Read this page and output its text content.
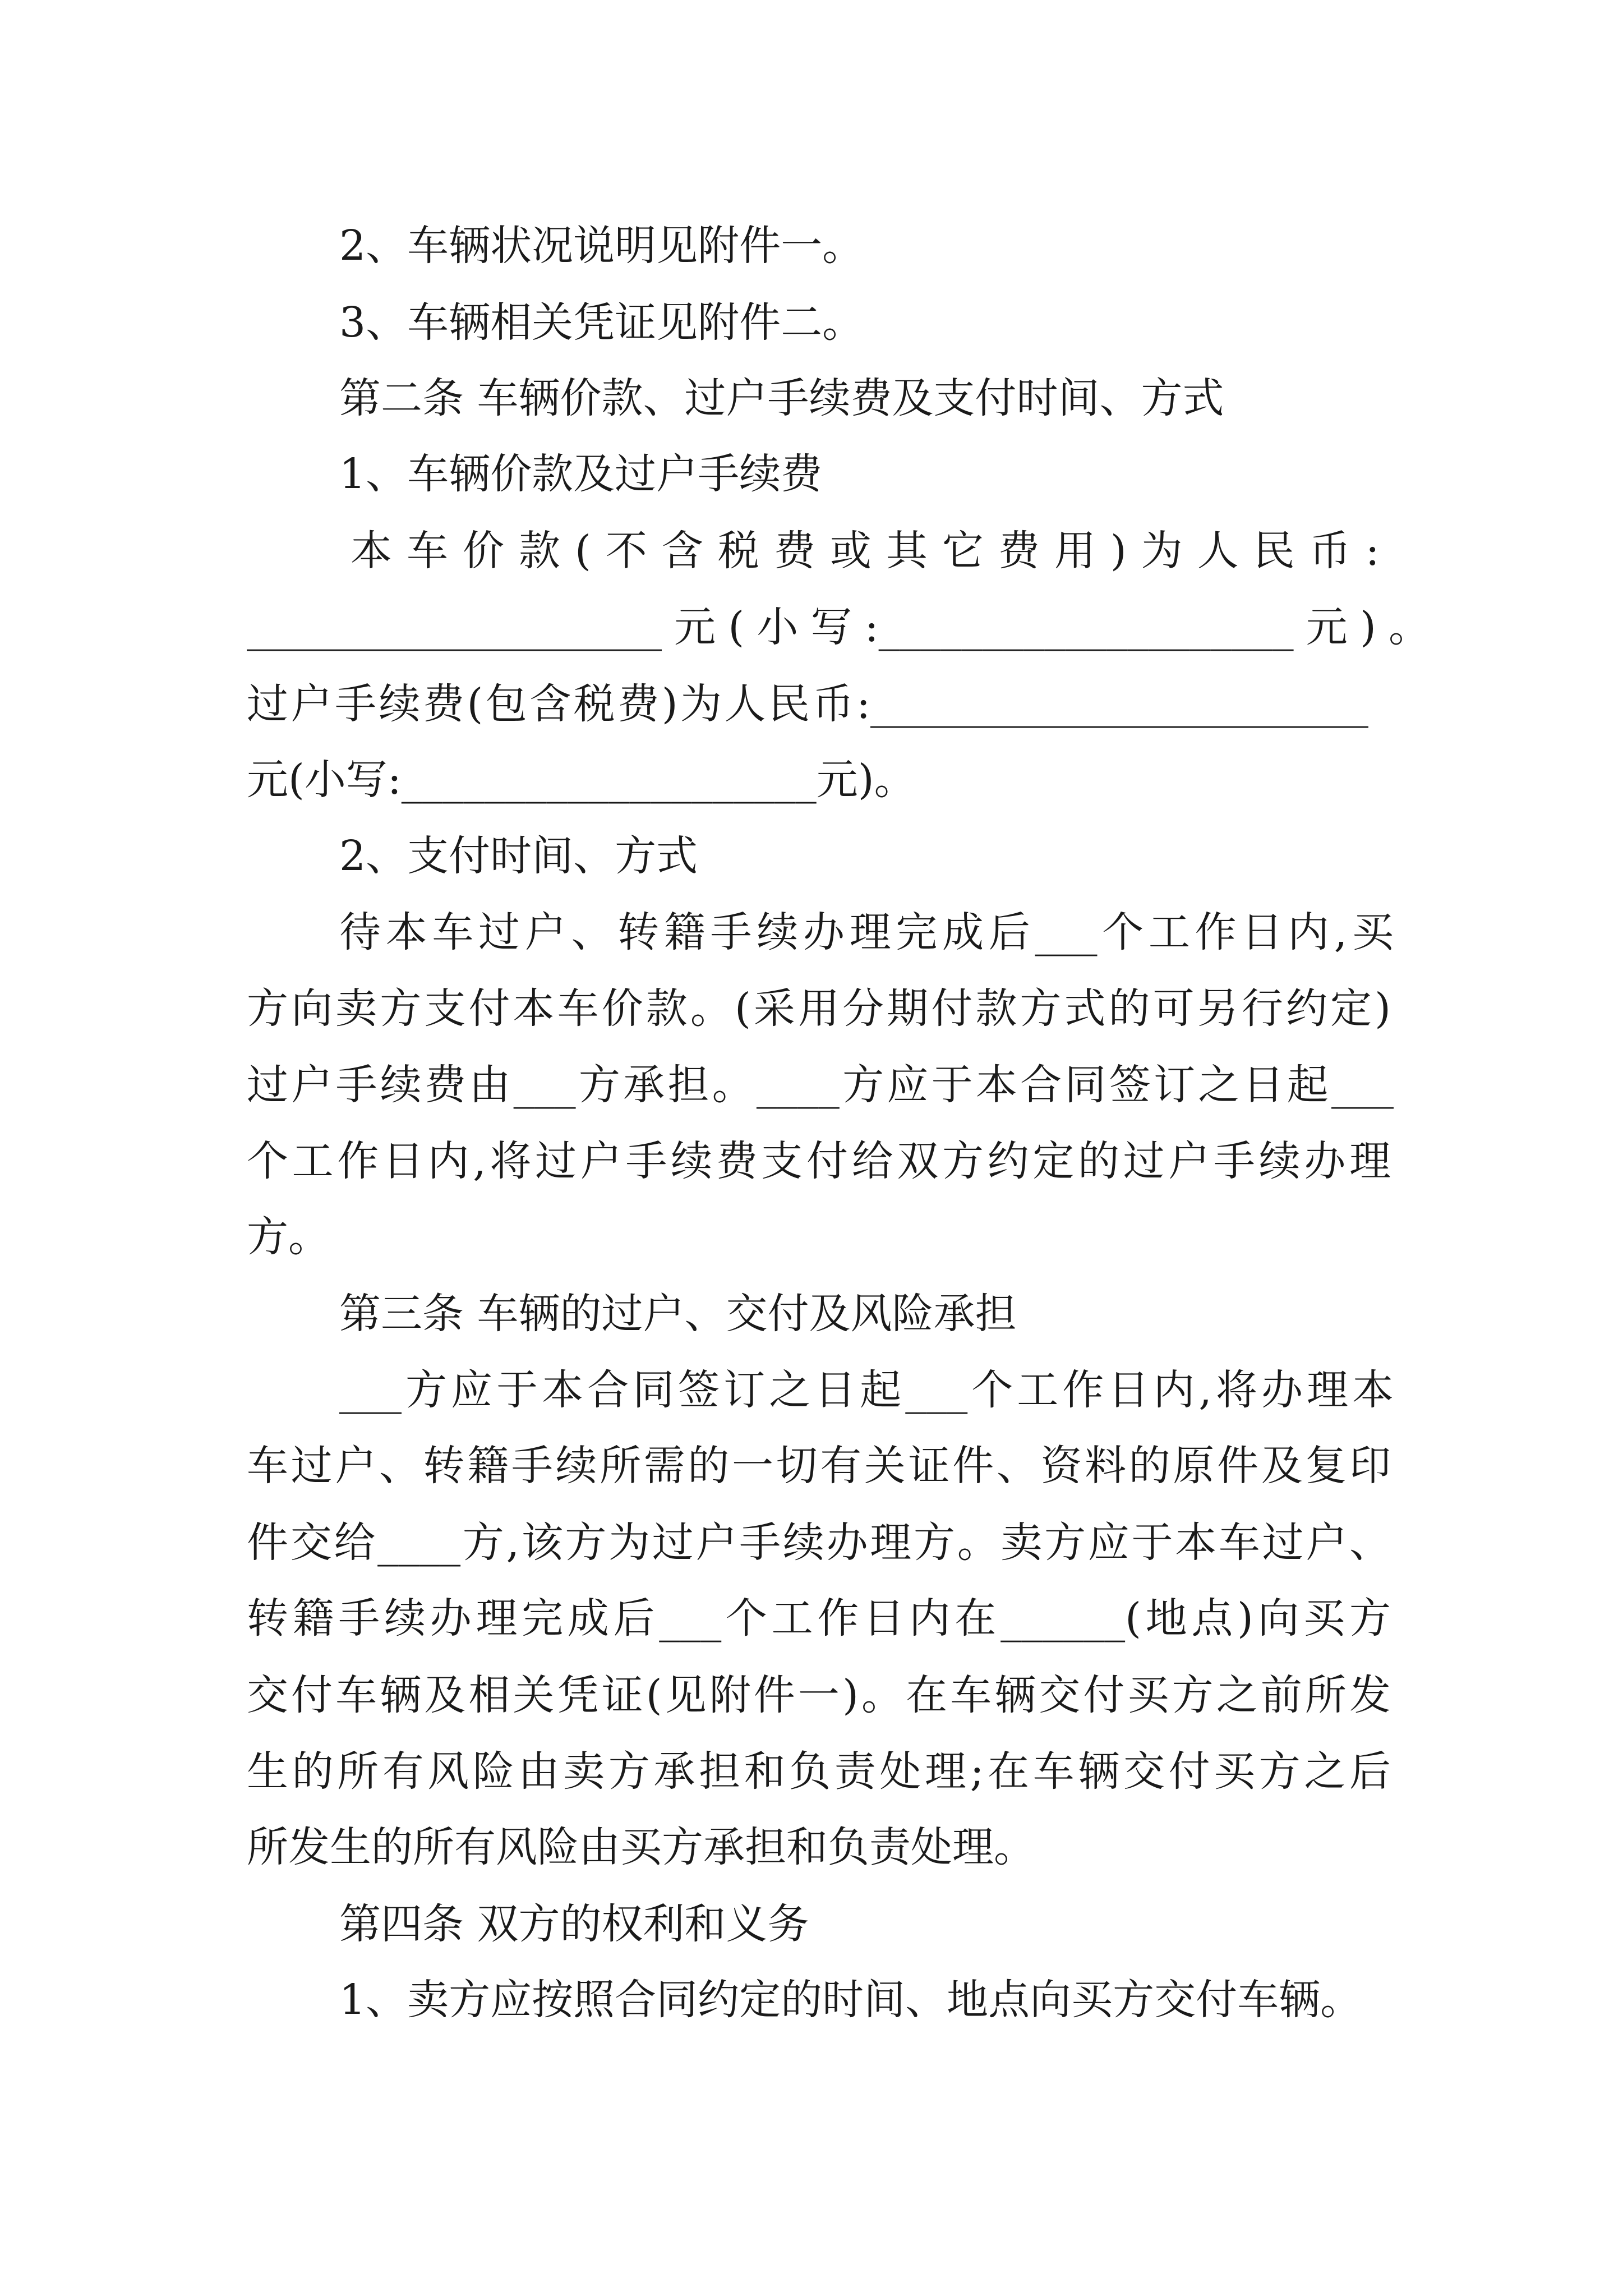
2、车辆状况说明见附件一。
3、车辆相关凭证见附件二。
第二条 车辆价款、过户手续费及支付时间、方式
1、车辆价款及过户手续费
本车价款(不含税费或其它费用)为人民币:
____________________元(小写:____________________元)。
过户手续费(包含税费)为人民币:________________________
元(小写:____________________元)。
2、支付时间、方式
待本车过户、转籍手续办理完成后___个工作日内,买
方向卖方支付本车价款。(采用分期付款方式的可另行约定)
过户手续费由___方承担。____方应于本合同签订之日起___
个工作日内,将过户手续费支付给双方约定的过户手续办理
方。
第三条 车辆的过户、交付及风险承担
___方应于本合同签订之日起___个工作日内,将办理本
车过户、转籍手续所需的一切有关证件、资料的原件及复印
件交给____方,该方为过户手续办理方。卖方应于本车过户、
转籍手续办理完成后___个工作日内在______(地点)向买方
交付车辆及相关凭证(见附件一)。在车辆交付买方之前所发
生的所有风险由卖方承担和负责处理;在车辆交付买方之后
所发生的所有风险由买方承担和负责处理。
第四条 双方的权利和义务
1、卖方应按照合同约定的时间、地点向买方交付车辆。
